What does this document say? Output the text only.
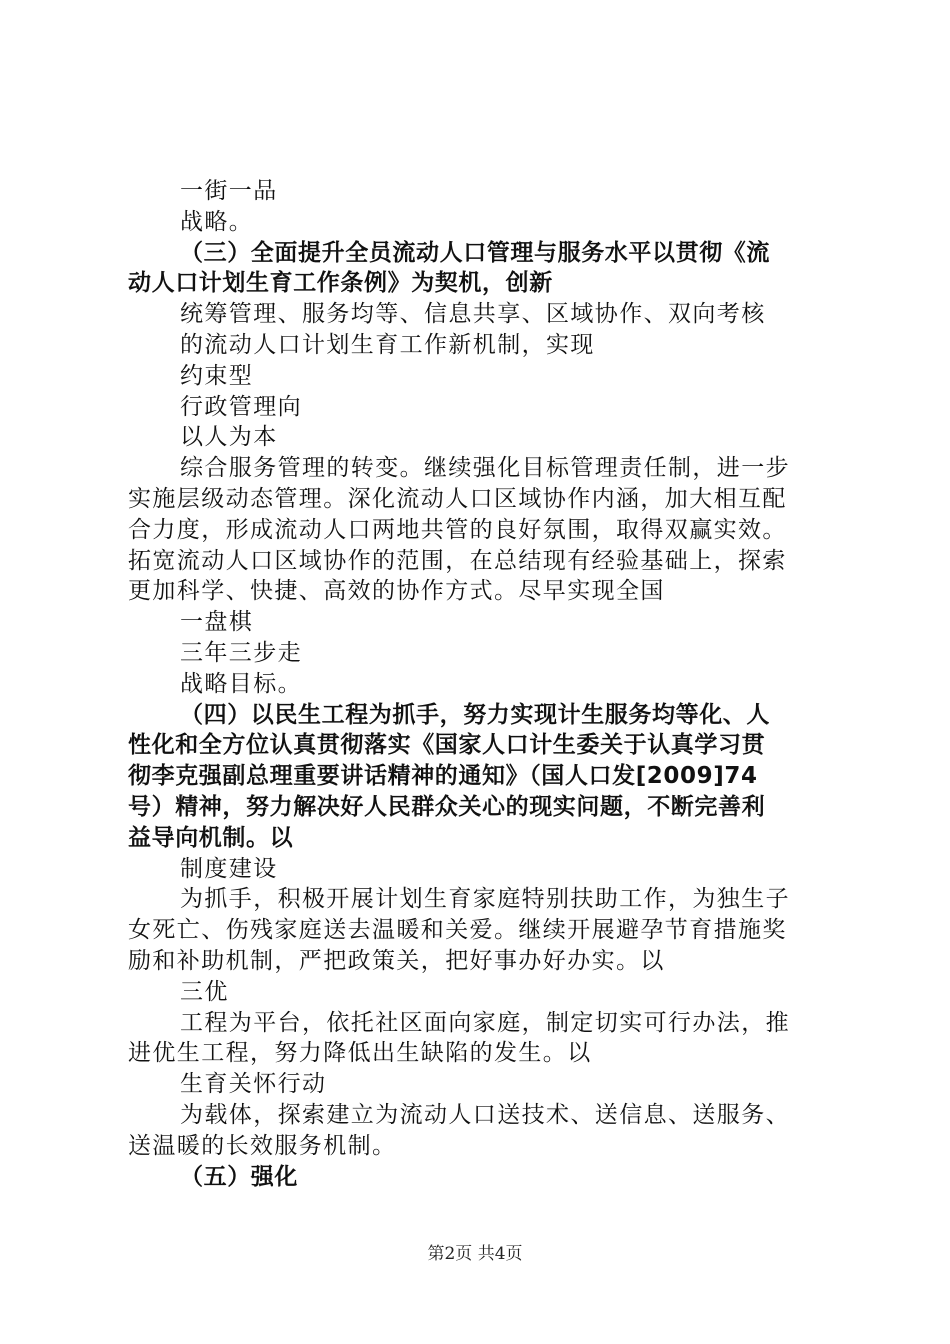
一街一品
战略。
（三）全面提升全员流动人口管理与服务水平以贯彻《流
动人口计划生育工作条例》为契机，创新
统筹管理、服务均等、信息共享、区域协作、双向考核
的流动人口计划生育工作新机制，实现
约束型
行政管理向
以人为本
综合服务管理的转变。继续强化目标管理责任制，进一步
实施层级动态管理。深化流动人口区域协作内涵，加大相互配
合力度，形成流动人口两地共管的良好氛围，取得双赢实效。
拓宽流动人口区域协作的范围，在总结现有经验基础上，探索
更加科学、快捷、高效的协作方式。尽早实现全国
一盘棋
三年三步走
战略目标。
（四）以民生工程为抓手，努力实现计生服务均等化、人
性化和全方位认真贯彻落实《国家人口计生委关于认真学习贯
彻李克强副总理重要讲话精神的通知》（国人口发[2009]74
号）精神，努力解决好人民群众关心的现实问题，不断完善利
益导向机制。以
制度建设
为抓手，积极开展计划生育家庭特别扶助工作，为独生子
女死亡、伤残家庭送去温暖和关爱。继续开展避孕节育措施奖
励和补助机制，严把政策关，把好事办好办实。以
三优
工程为平台，依托社区面向家庭，制定切实可行办法，推
进优生工程，努力降低出生缺陷的发生。以
生育关怀行动
为载体，探索建立为流动人口送技术、送信息、送服务、
送温暖的长效服务机制。
（五）强化
第2页 共4页
